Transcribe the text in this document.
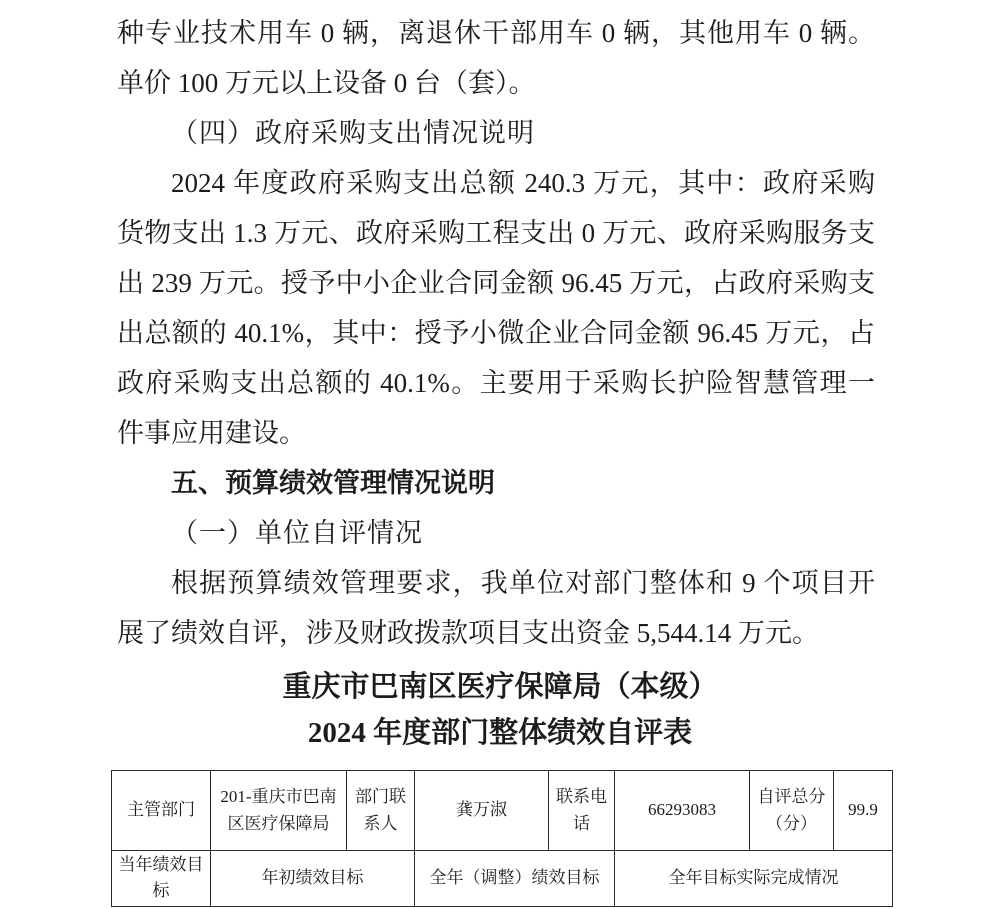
种专业技术用车 0 辆，离退休干部用车 0 辆，其他用车 0 辆。
单价 100 万元以上设备 0 台（套）。
（四）政府采购支出情况说明
2024 年度政府采购支出总额 240.3 万元，其中：政府采购
货物支出 1.3 万元、政府采购工程支出 0 万元、政府采购服务支
出 239 万元。授予中小企业合同金额 96.45 万元，占政府采购支
出总额的 40.1%，其中：授予小微企业合同金额 96.45 万元，占
政府采购支出总额的 40.1%。主要用于采购长护险智慧管理一
件事应用建设。
五、预算绩效管理情况说明
（一）单位自评情况
根据预算绩效管理要求，我单位对部门整体和 9 个项目开
展了绩效自评，涉及财政拨款项目支出资金 5,544.14 万元。
重庆市巴南区医疗保障局（本级）
2024 年度部门整体绩效自评表
主管部门	201-重庆市巴南区医疗保障局	部门联系人	龚万淑	联系电话	66293083	自评总分（分）	99.9
当年绩效目标	年初绩效目标		全年（调整）绩效目标		全年目标实际完成情况		
